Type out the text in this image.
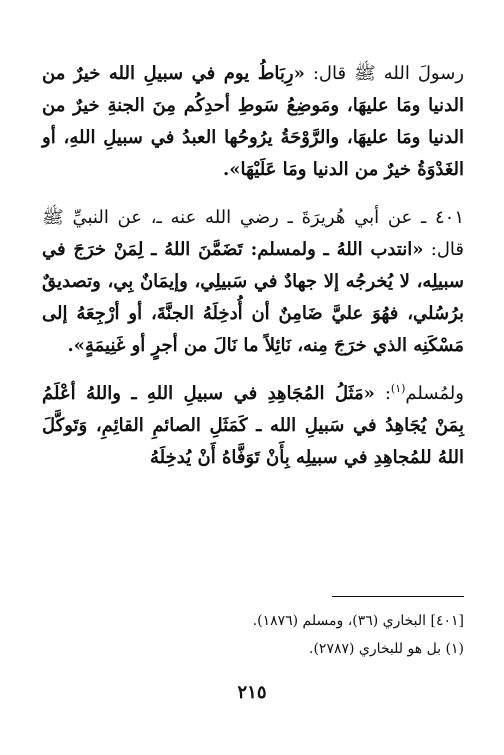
رسولَ الله ﷺ قال: «رِبَاطُ يوم في سبيلِ الله خيرٌ من الدنيا ومَا عليهَا، ومَوضِعُ سَوطِ أحدِكُم مِنَ الجنةِ خيرٌ من الدنيا ومَا عليهَا، والرَّوْحَةُ يرُوحُها العبدُ في سبيلِ اللهِ، أو الغَدْوَةُ خيرٌ من الدنيا ومَا عَلَيْهَا».

٤٠١ ـ عن أبي هُريرَةَ ـ رضي الله عنه ـ، عن النبيِّ ﷺ قال: «انتدب اللهُ ـ ولمسلم: تَضَمَّنَ اللهُ ـ لِمَنْ خرَجَ في سبيلِه، لا يُخرجُه إلا جهادٌ في سَبيلِي، وإيمَانٌ بِي، وتصديقٌ برُسُلي، فهُوَ عليَّ ضَامِنٌ أن أُدخِلَهُ الجنَّةَ، أو أرْجِعَهُ إلى مَسْكَنِه الذي خرَجَ مِنه، نَائِلاً ما نَالَ من أجرٍ أو غَنِيمَةٍ».

ولمُسلم$^{(١)}$: «مَثَلُ المُجَاهِدِ في سبيلِ اللهِ ـ واللهُ أعْلَمُ بِمَنْ يُجَاهِدُ في سَبيلِ الله ـ كَمَثَلِ الصائمِ القائِمِ، وَتَوكَّلَ اللهُ للمُجاهِدِ في سبيلِه بِأَنْ تَوَفَّاهُ أَنْ يُدخِلَهُ

[٤٠١] البخاري (٣٦)، ومسلم (١٨٧٦).

(١) بل هو للبخاري (٢٧٨٧).

٢١٥
